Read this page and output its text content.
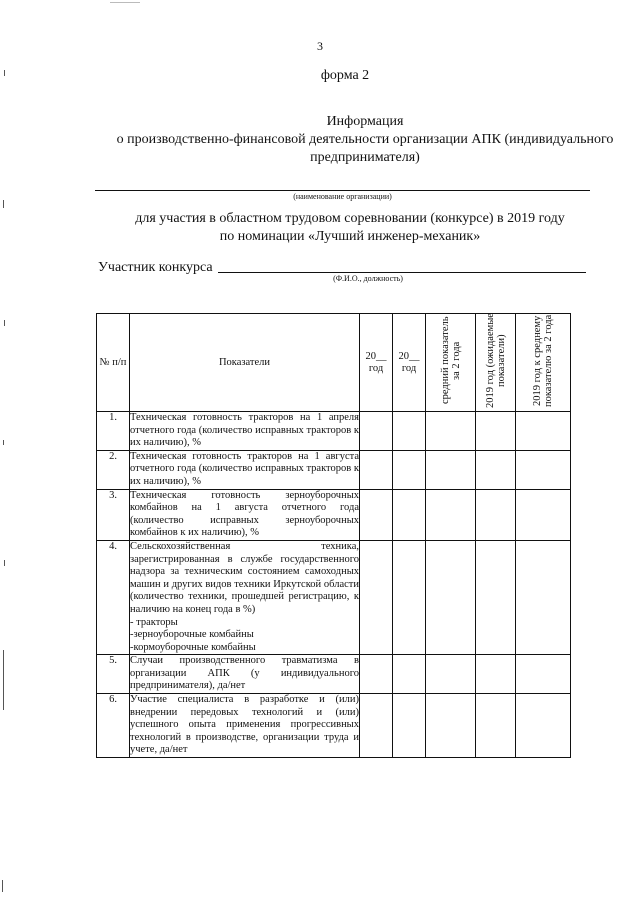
3
форма 2
Информация
о производственно-финансовой деятельности организации АПК (индивидуального
предпринимателя)
(наименование организации)
для участия в областном трудовом соревновании (конкурсе) в 2019 году
по номинации «Лучший инженер-механик»
Участник конкурса
(Ф.И.О., должность)
№ п/п	Показатели	20__ год	20__ год	средний показатель за 2 года	2019 год (ожидаемые показатели)	2019 год к среднему показателю за 2 года
1.	Техническая готовность тракторов на 1 апреля отчетного года (количество исправных тракторов к их наличию), %					
2.	Техническая готовность тракторов на 1 августа отчетного года (количество исправных тракторов к их наличию), %					
3.	Техническая готовность зерноуборочных комбайнов на 1 августа отчетного года (количество исправных зерноуборочных комбайнов к их наличию), %					
4.	Сельскохозяйственная техника, зарегистрированная в службе государственного надзора за техническим состоянием самоходных машин и других видов техники Иркутской области (количество техники, прошедшей регистрацию, к наличию на конец года в %)
- тракторы
-зерноуборочные комбайны
-кормоуборочные комбайны					

5.	Случаи производственного травматизма в организации АПК (у индивидуального предпринимателя), да/нет					
6.	Участие специалиста в разработке и (или) внедрении передовых технологий и (или) успешного опыта применения прогрессивных технологий в производстве, организации труда и учете, да/нет					
